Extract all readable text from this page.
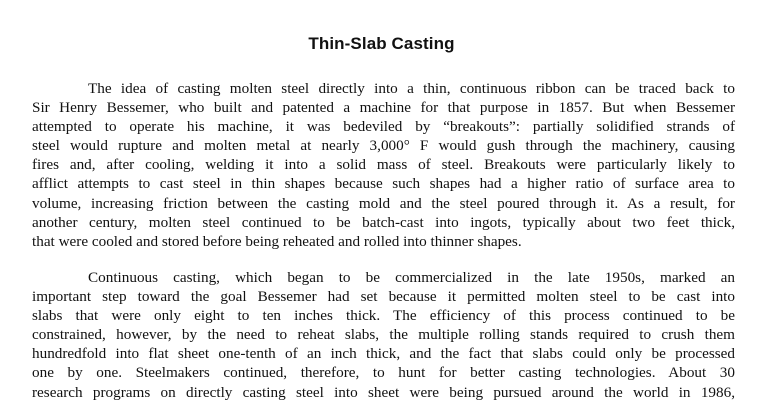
Thin-Slab Casting
The idea of casting molten steel directly into a thin, continuous ribbon can be traced back to
Sir Henry Bessemer, who built and patented a machine for that purpose in 1857. But when Bessemer
attempted to operate his machine, it was bedeviled by “breakouts”: partially solidified strands of
steel would rupture and molten metal at nearly 3,000° F would gush through the machinery, causing
fires and, after cooling, welding it into a solid mass of steel. Breakouts were particularly likely to
afflict attempts to cast steel in thin shapes because such shapes had a higher ratio of surface area to
volume, increasing friction between the casting mold and the steel poured through it. As a result, for
another century, molten steel continued to be batch-cast into ingots, typically about two feet thick,
that were cooled and stored before being reheated and rolled into thinner shapes.
Continuous casting, which began to be commercialized in the late 1950s, marked an
important step toward the goal Bessemer had set because it permitted molten steel to be cast into
slabs that were only eight to ten inches thick. The efficiency of this process continued to be
constrained, however, by the need to reheat slabs, the multiple rolling stands required to crush them
hundredfold into flat sheet one-tenth of an inch thick, and the fact that slabs could only be processed
one by one. Steelmakers continued, therefore, to hunt for better casting technologies. About 30
research programs on directly casting steel into sheet were being pursued around the world in 1986,
